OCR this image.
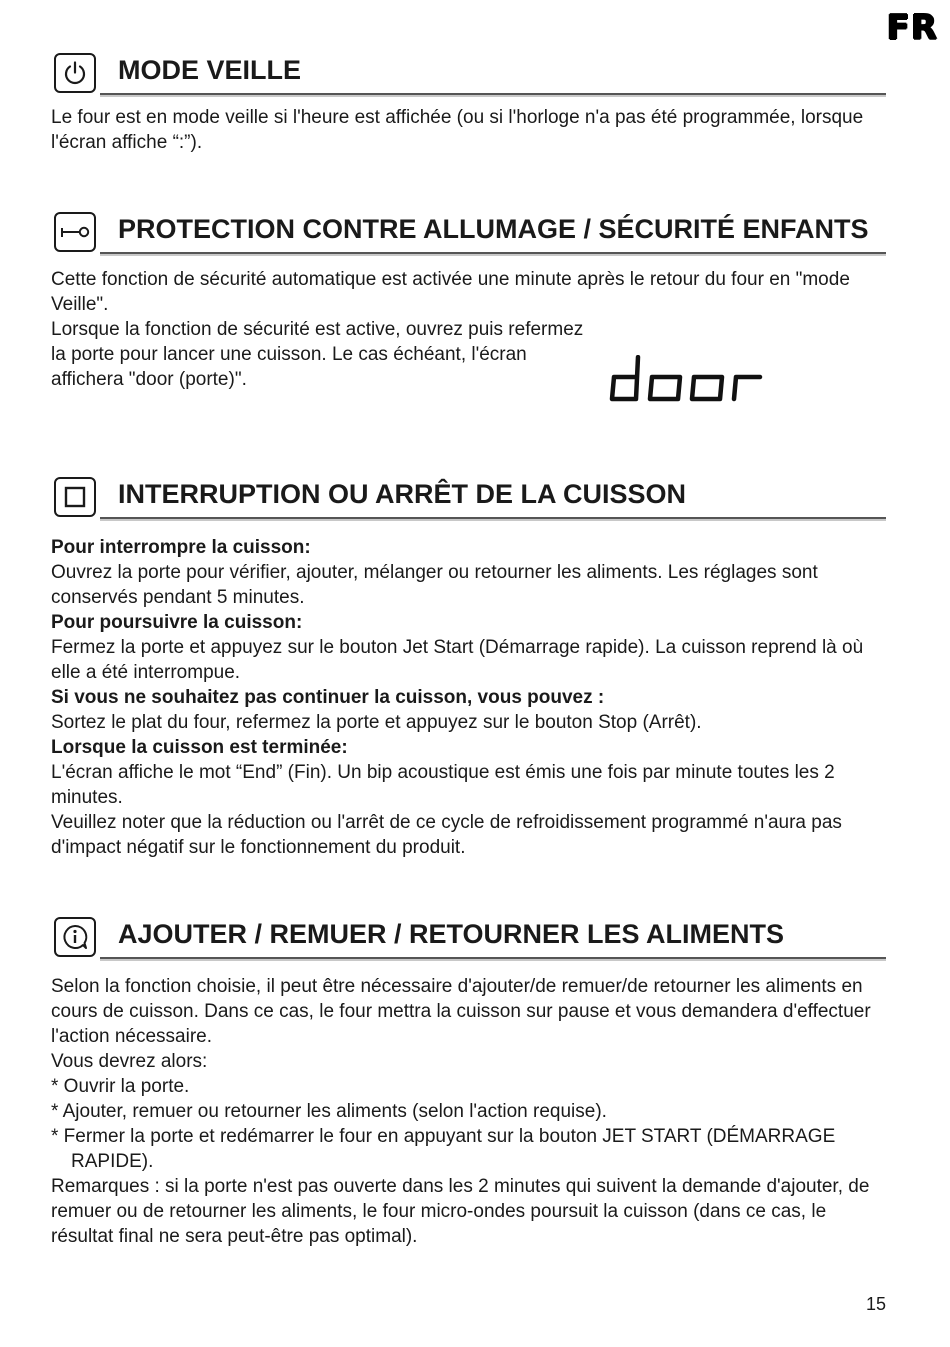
FR
MODE VEILLE

Le four est en mode veille si l'heure est affichée (ou si l'horloge n'a pas été programmée, lorsque l'écran affiche “:”).

PROTECTION CONTRE ALLUMAGE / SÉCURITÉ ENFANTS

Cette fonction de sécurité automatique est activée une minute après le retour du four en "mode Veille".

Lorsque la fonction de sécurité est active, ouvrez puis refermez la porte pour lancer une cuisson. Le cas échéant, l'écran affichera "door (porte)".

INTERRUPTION OU ARRÊT DE LA CUISSON

Pour interrompre la cuisson:

Ouvrez la porte pour vérifier, ajouter, mélanger ou retourner les aliments. Les réglages sont conservés pendant 5 minutes.

Pour poursuivre la cuisson:

Fermez la porte et appuyez sur le bouton Jet Start (Démarrage rapide). La cuisson reprend là où elle a été interrompue.

Si vous ne souhaitez pas continuer la cuisson, vous pouvez :

Sortez le plat du four, refermez la porte et appuyez sur le bouton Stop (Arrêt).

Lorsque la cuisson est terminée:

L'écran affiche le mot “End” (Fin). Un bip acoustique est émis une fois par minute toutes les 2 minutes.

Veuillez noter que la réduction ou l'arrêt de ce cycle de refroidissement programmé n'aura pas d'impact négatif sur le fonctionnement du produit.

AJOUTER / REMUER / RETOURNER LES ALIMENTS

Selon la fonction choisie, il peut être nécessaire d'ajouter/de remuer/de retourner les aliments en cours de cuisson. Dans ce cas, le four mettra la cuisson sur pause et vous demandera d'effectuer l'action nécessaire.

Vous devrez alors:

* Ouvrir la porte.

* Ajouter, remuer ou retourner les aliments (selon l'action requise).

* Fermer la porte et redémarrer le four en appuyant sur la bouton JET START (DÉMARRAGE RAPIDE).

Remarques : si la porte n'est pas ouverte dans les 2 minutes qui suivent la demande d'ajouter, de remuer ou de retourner les aliments, le four micro-ondes poursuit la cuisson (dans ce cas, le résultat final ne sera peut-être pas optimal).

15
